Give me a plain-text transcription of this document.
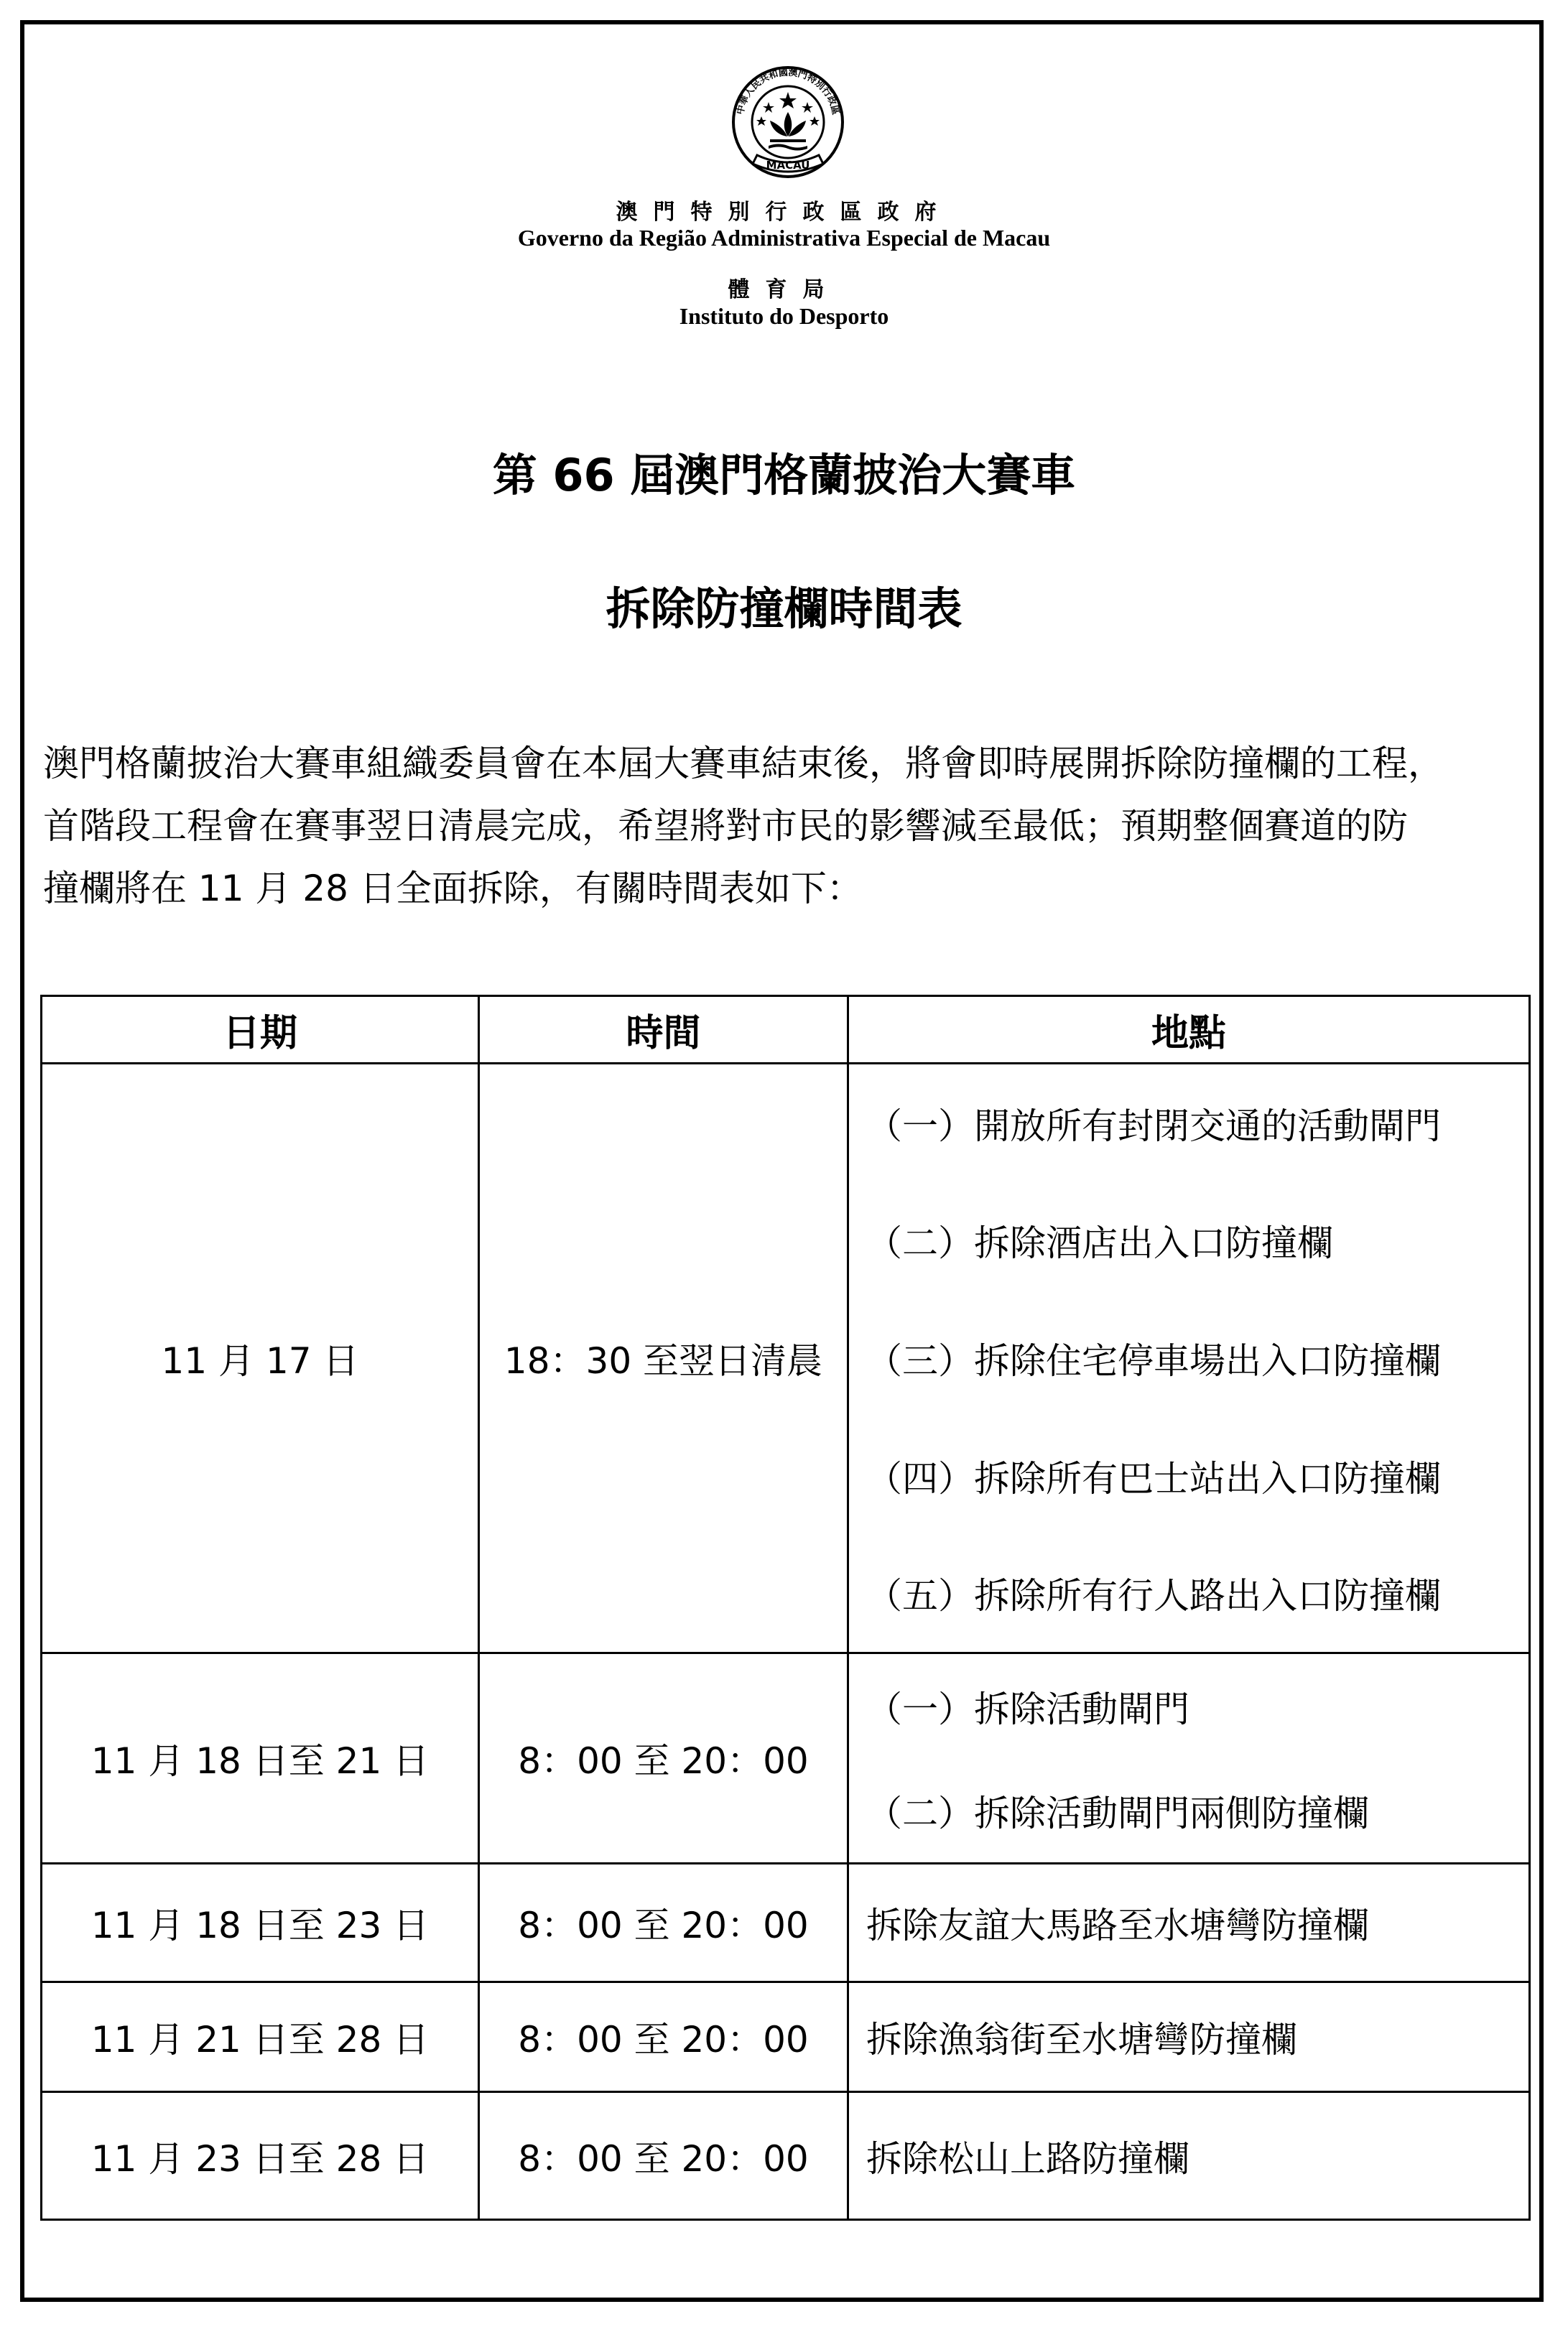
中華人民共和國澳門特別行政區
MACAU
澳門特別行政區政府
Governo da Região Administrativa Especial de Macau
體育局
Instituto do Desporto
第 66 屆澳門格蘭披治大賽車
拆除防撞欄時間表

澳門格蘭披治大賽車組織委員會在本屆大賽車結束後，將會即時展開拆除防撞欄的工程，

首階段工程會在賽事翌日清晨完成，希望將對市民的影響減至最低；預期整個賽道的防

撞欄將在 11 月 28 日全面拆除，有關時間表如下：

日期	時間	地點
11 月 17 日	18：30 至翌日清晨	（一）開放所有封閉交通的活動閘門
（二）拆除酒店出入口防撞欄
（三）拆除住宅停車場出入口防撞欄
（四）拆除所有巴士站出入口防撞欄
（五）拆除所有行人路出入口防撞欄

11 月 18 日至 21 日	8：00 至 20：00	（一）拆除活動閘門
（二）拆除活動閘門兩側防撞欄

11 月 18 日至 23 日	8：00 至 20：00	拆除友誼大馬路至水塘彎防撞欄
11 月 21 日至 28 日	8：00 至 20：00	拆除漁翁街至水塘彎防撞欄
11 月 23 日至 28 日	8：00 至 20：00	拆除松山上路防撞欄
